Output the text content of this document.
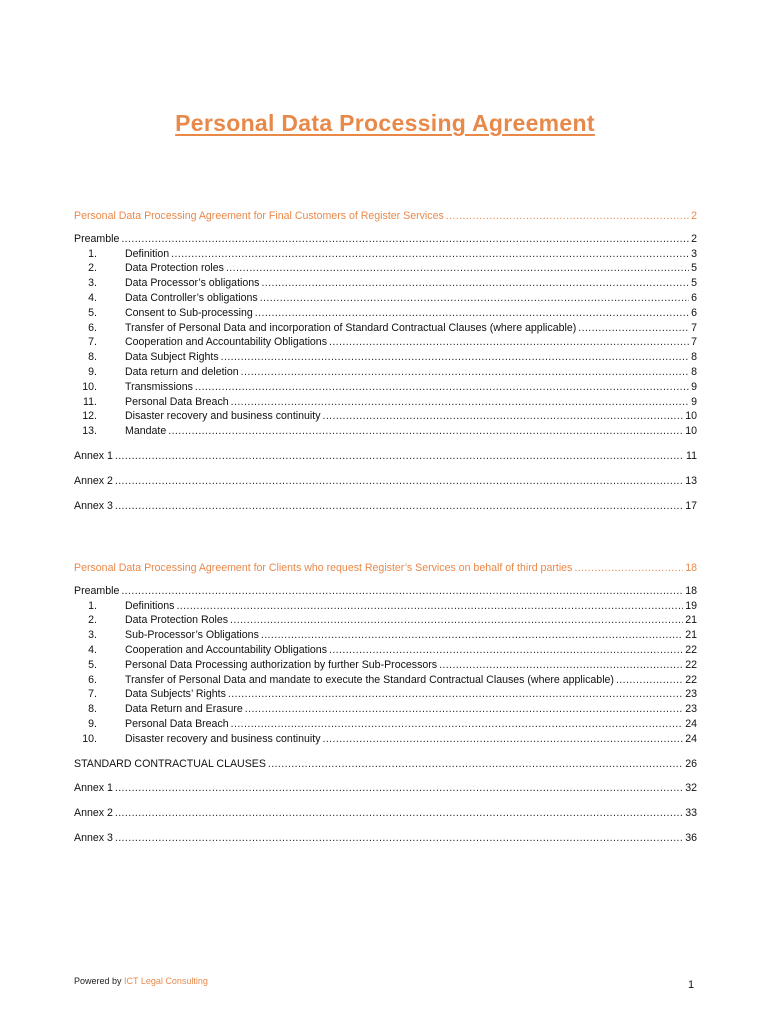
Personal Data Processing Agreement
Personal Data Processing Agreement for Final Customers of Register Services .....	2
Preamble .....	2
1.	Definition .....	3
2.	Data Protection roles .....	5
3.	Data Processor’s obligations .....	5
4.	Data Controller’s obligations .....	6
5.	Consent to Sub-processing .....	6
6.	Transfer of Personal Data and incorporation of Standard Contractual Clauses (where applicable) .....	7
7.	Cooperation and Accountability Obligations .....	7
8.	Data Subject Rights .....	8
9.	Data return and deletion .....	8
10.	Transmissions .....	9
11.	Personal Data Breach .....	9
12.	Disaster recovery and business continuity .....	10
13.	Mandate .....	10
Annex 1 .....	11
Annex 2 .....	13
Annex 3 .....	17
Personal Data Processing Agreement for Clients who request Register’s Services on behalf of third parties .....	18
Preamble .....	18
1.	Definitions .....	19
2.	Data Protection Roles .....	21
3.	Sub-Processor’s Obligations .....	21
4.	Cooperation and Accountability Obligations .....	22
5.	Personal Data Processing authorization by further Sub-Processors .....	22
6.	Transfer of Personal Data and mandate to execute the Standard Contractual Clauses (where applicable) .....	22
7.	Data Subjects’ Rights .....	23
8.	Data Return and Erasure .....	23
9.	Personal Data Breach .....	24
10.	Disaster recovery and business continuity .....	24
STANDARD CONTRACTUAL CLAUSES .....	26
Annex 1 .....	32
Annex 2 .....	33
Annex 3 .....	36
Powered by ICT Legal Consulting	1
